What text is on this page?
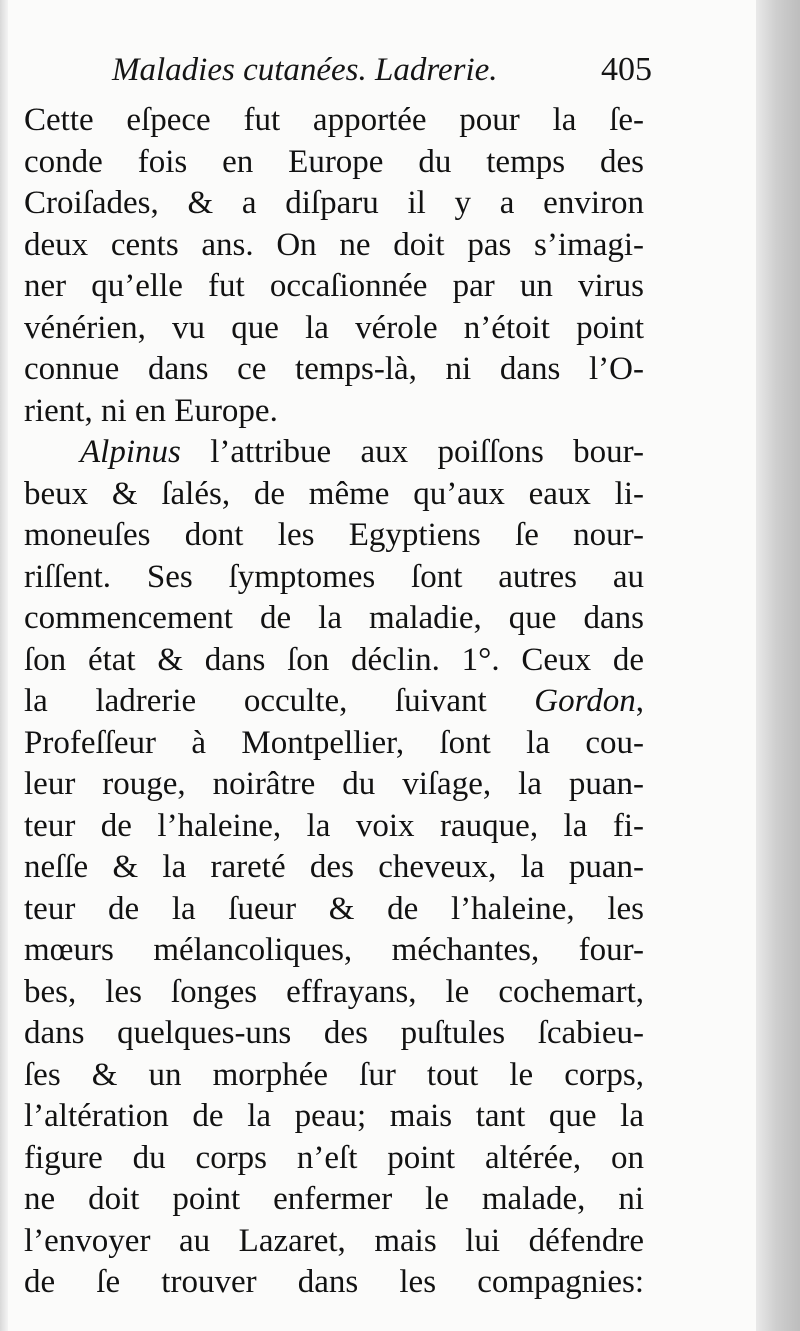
Maladies cutanées. Ladrerie.	405
Cette eſpece fut apportée pour la ſe-
conde fois en Europe du temps des
Croiſades, & a diſparu il y a environ
deux cents ans. On ne doit pas s’imagi-
ner qu’elle fut occaſionnée par un virus
vénérien, vu que la vérole n’étoit point
connue dans ce temps-là, ni dans l’O-
rient, ni en Europe.
Alpinus l’attribue aux poiſſons bour-
beux & ſalés, de même qu’aux eaux li-
moneuſes dont les Egyptiens ſe nour-
riſſent. Ses ſymptomes ſont autres au
commencement de la maladie, que dans
ſon état & dans ſon déclin. 1°. Ceux de
la ladrerie occulte, ſuivant Gordon,
Profeſſeur à Montpellier, ſont la cou-
leur rouge, noirâtre du viſage, la puan-
teur de l’haleine, la voix rauque, la fi-
neſſe & la rareté des cheveux, la puan-
teur de la ſueur & de l’haleine, les
mœurs mélancoliques, méchantes, four-
bes, les ſonges effrayans, le cochemart,
dans quelques-uns des puſtules ſcabieu-
ſes & un morphée ſur tout le corps,
l’altération de la peau; mais tant que la
figure du corps n’eſt point altérée, on
ne doit point enfermer le malade, ni
l’envoyer au Lazaret, mais lui défendre
de ſe trouver dans les compagnies:
